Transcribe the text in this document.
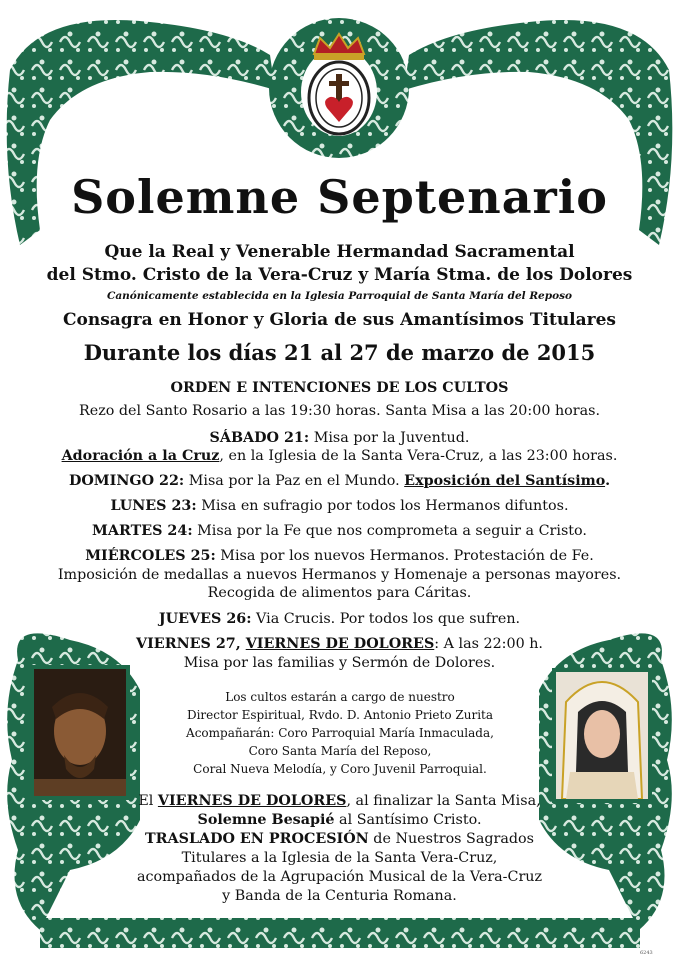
Solemne Septenario
Que la Real y Venerable Hermandad Sacramental
del Stmo. Cristo de la Vera-Cruz y María Stma. de los Dolores
Canónicamente establecida en la Iglesia Parroquial de Santa María del Reposo
Consagra en Honor y Gloria de sus Amantísimos Titulares
Durante los días 21 al 27 de marzo de 2015
ORDEN E INTENCIONES DE LOS CULTOS
Rezo del Santo Rosario a las 19:30 horas. Santa Misa a las 20:00 horas.
SÁBADO 21: Misa por la Juventud.
Adoración a la Cruz, en la Iglesia de la Santa Vera-Cruz, a las 23:00 horas.
DOMINGO 22: Misa por la Paz en el Mundo. Exposición del Santísimo.
LUNES 23: Misa en sufragio por todos los Hermanos difuntos.
MARTES 24: Misa por la Fe que nos comprometa a seguir a Cristo.
MIÉRCOLES 25: Misa por los nuevos Hermanos. Protestación de Fe.
Imposición de medallas a nuevos Hermanos y Homenaje a personas mayores.
Recogida de alimentos para Cáritas.
JUEVES 26: Via Crucis. Por todos los que sufren.
VIERNES 27, VIERNES DE DOLORES: A las 22:00 h.
Misa por las familias y Sermón de Dolores.
Los cultos estarán a cargo de nuestro
Director Espiritual, Rvdo. D. Antonio Prieto Zurita
Acompañarán: Coro Parroquial María Inmaculada,
Coro Santa María del Reposo,
Coral Nueva Melodía, y Coro Juvenil Parroquial.
El VIERNES DE DOLORES, al finalizar la Santa Misa,
Solemne Besapié al Santísimo Cristo.
TRASLADO EN PROCESIÓN de Nuestros Sagrados
Titulares a la Iglesia de la Santa Vera-Cruz,
acompañados de la Agrupación Musical de la Vera-Cruz
y Banda de la Centuria Romana.
6243
